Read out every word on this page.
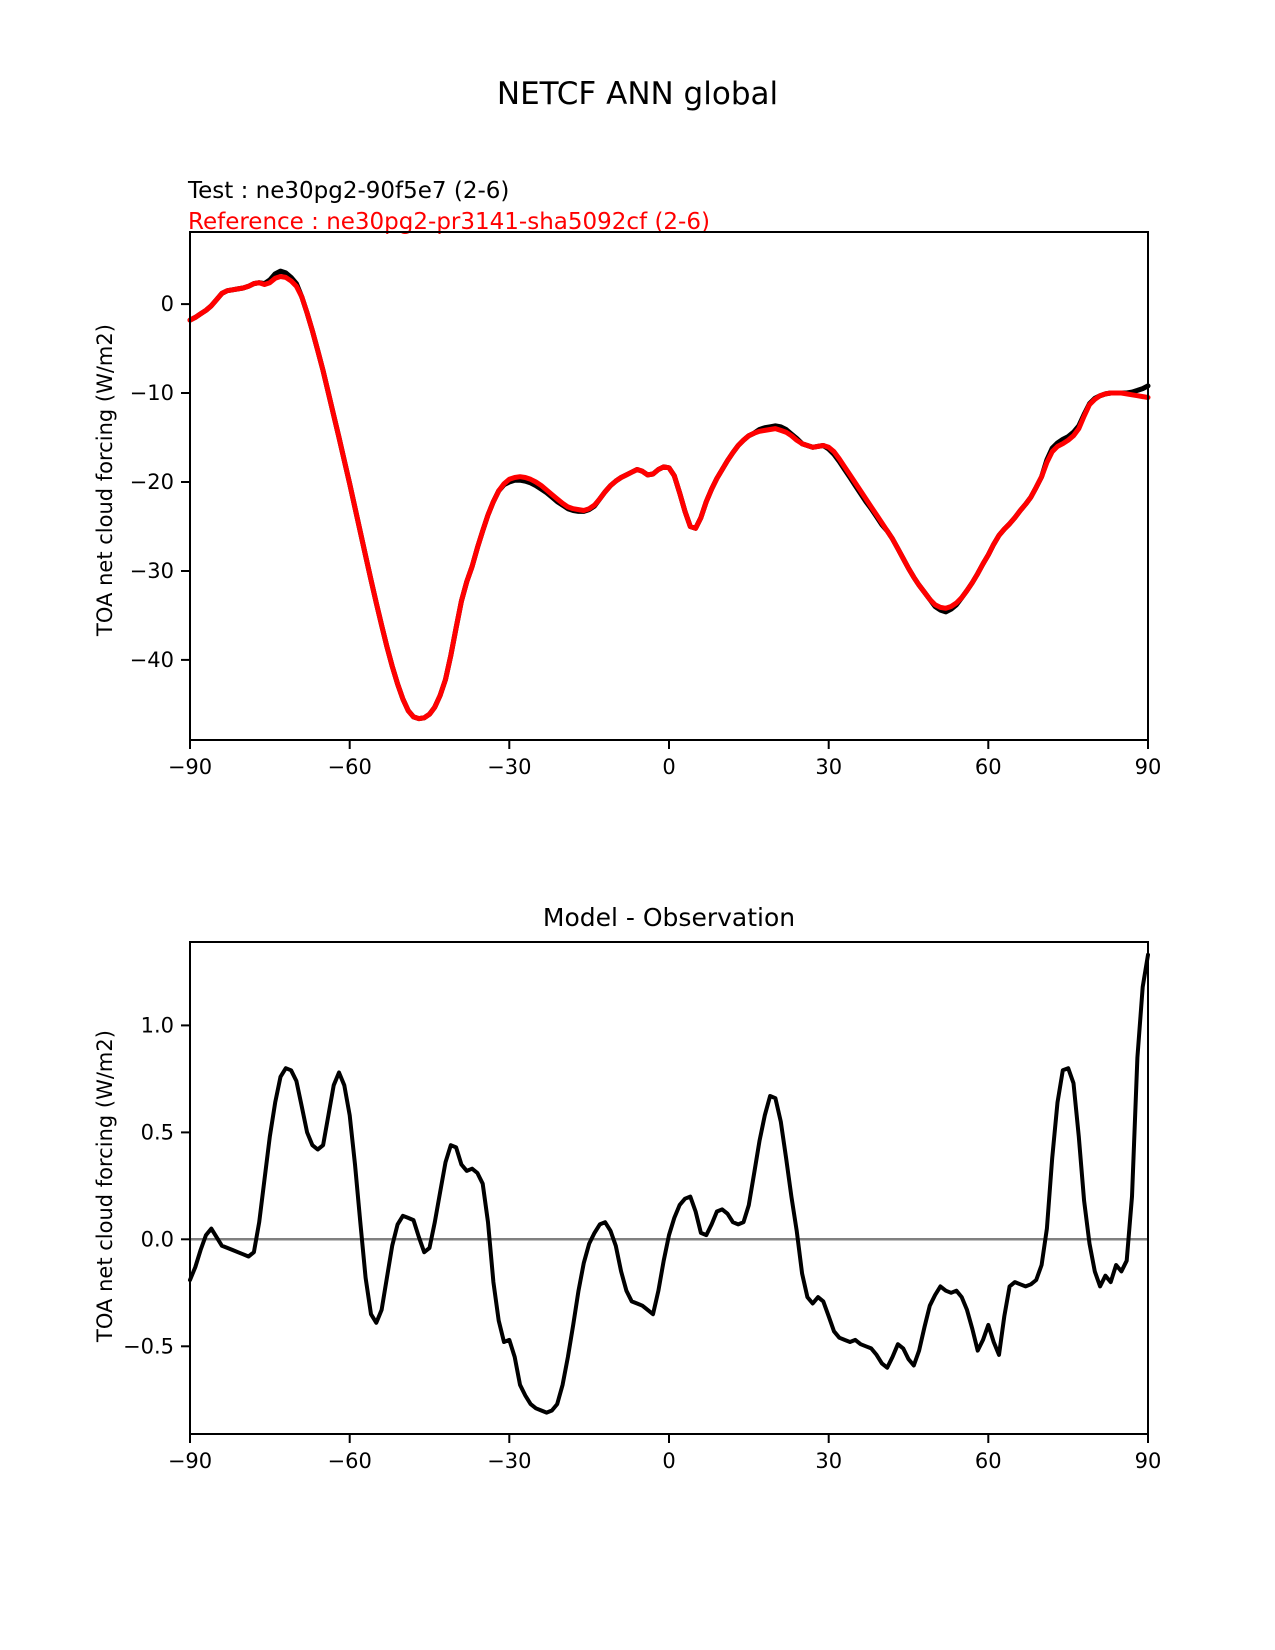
NETCF ANN global
Test : ne30pg2-90f5e7 (2-6)
Reference : ne30pg2-pr3141-sha5092cf (2-6)
TOA net cloud forcing (W/m2)
Model - Observation
TOA net cloud forcing (W/m2)
−90	−60	−30	0	30	60	90
0
−10
−20
−30
−40
−90	−60	−30	0	30	60	90
1.0
0.5
0.0
−0.5
